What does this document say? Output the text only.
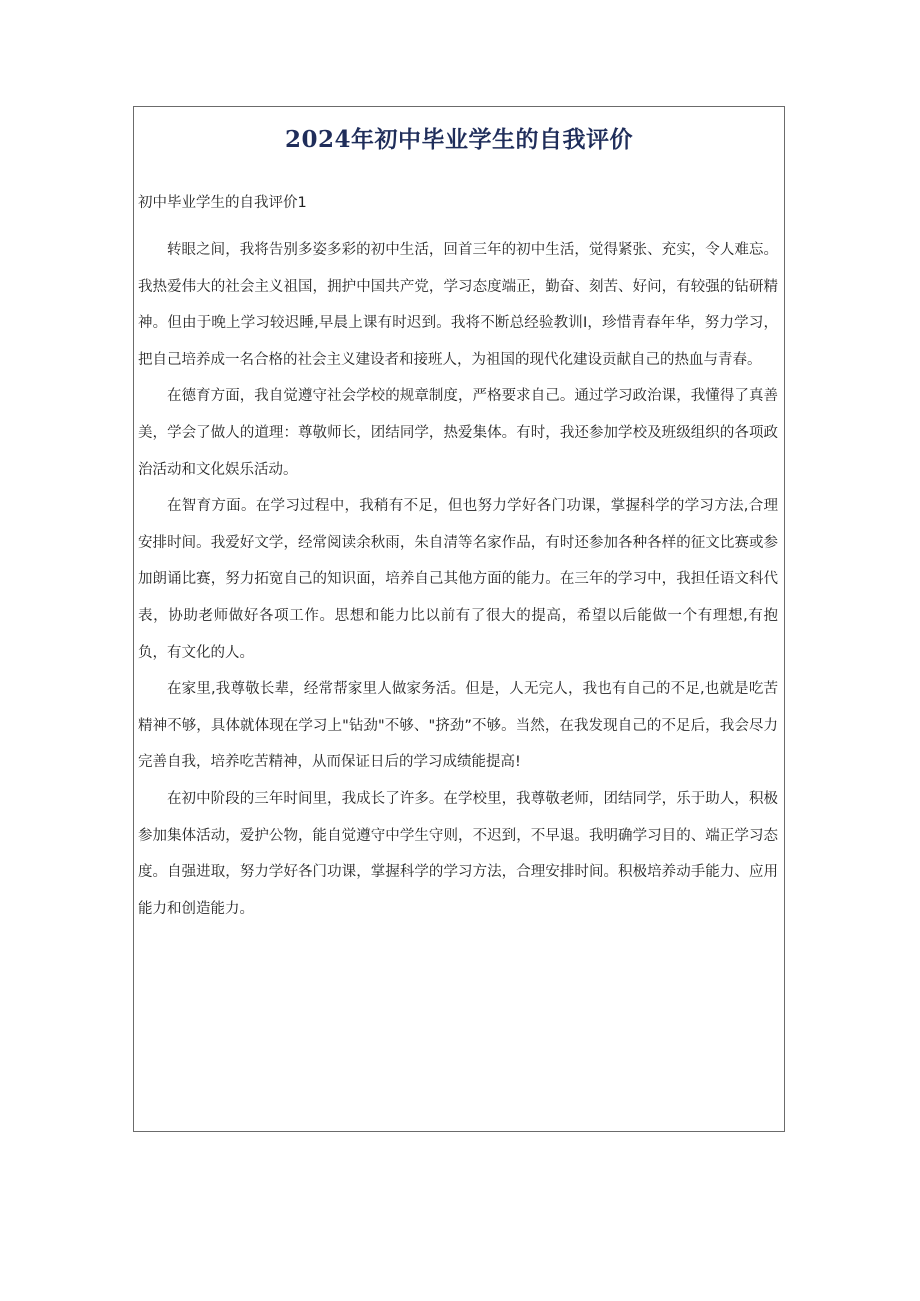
2024年初中毕业学生的自我评价
初中毕业学生的自我评价1

转眼之间，我将告别多姿多彩的初中生活，回首三年的初中生活，觉得紧张、充实，令人难忘。我热爱伟大的社会主义祖国，拥护中国共产党，学习态度端正，勤奋、刻苦、好问，有较强的钻研精神。但由于晚上学习较迟睡,早晨上课有时迟到。我将不断总经验教训I，珍惜青春年华，努力学习，把自己培养成一名合格的社会主义建设者和接班人，为祖国的现代化建设贡献自己的热血与青春。

在德育方面，我自觉遵守社会学校的规章制度，严格要求自己。通过学习政治课，我懂得了真善美，学会了做人的道理：尊敬师长，团结同学，热爱集体。有时，我还参加学校及班级组织的各项政治活动和文化娱乐活动。

在智育方面。在学习过程中，我稍有不足，但也努力学好各门功课，掌握科学的学习方法,合理安排时间。我爱好文学，经常阅读余秋雨，朱自清等名家作品，有时还参加各种各样的征文比赛或参加朗诵比赛，努力拓宽自己的知识面，培养自己其他方面的能力。在三年的学习中，我担任语文科代表，协助老师做好各项工作。思想和能力比以前有了很大的提高，希望以后能做一个有理想,有抱负，有文化的人。

在家里,我尊敬长辈，经常帮家里人做家务活。但是，人无完人，我也有自己的不足,也就是吃苦精神不够，具体就体现在学习上"钻劲"不够、"挤劲”不够。当然，在我发现自己的不足后，我会尽力完善自我，培养吃苦精神，从而保证日后的学习成绩能提高!

在初中阶段的三年时间里，我成长了许多。在学校里，我尊敬老师，团结同学，乐于助人，积极参加集体活动，爱护公物，能自觉遵守中学生守则，不迟到，不早退。我明确学习目的、端正学习态度。自强进取，努力学好各门功课，掌握科学的学习方法，合理安排时间。积极培养动手能力、应用能力和创造能力。
